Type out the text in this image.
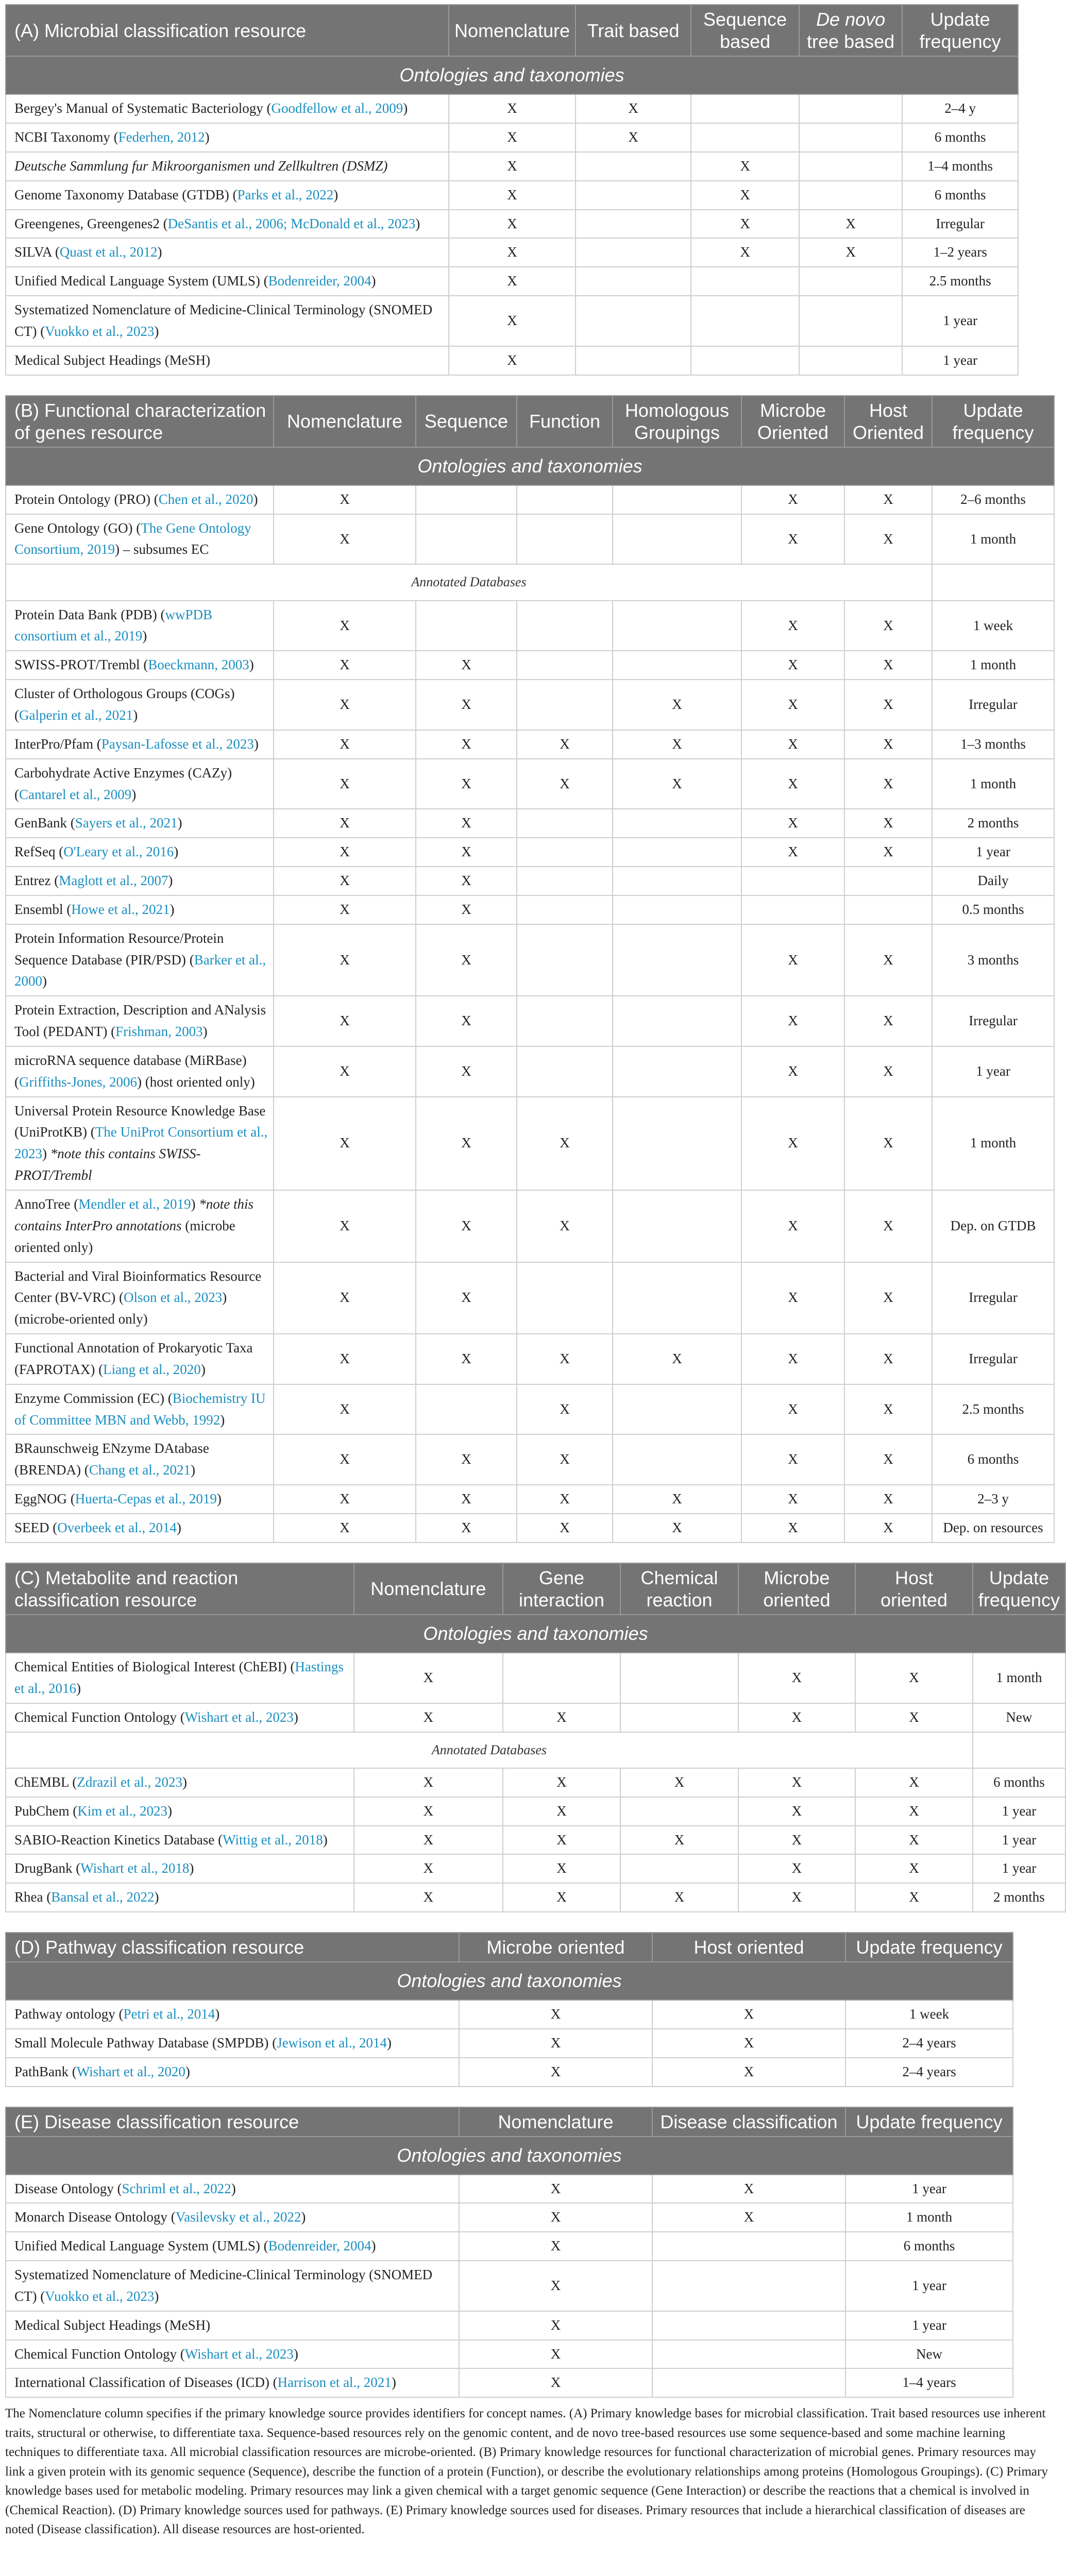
(A) Microbial classification resource	Nomenclature	Trait based	Sequence based	De novo tree based	Update frequency
Ontologies and taxonomies					
Bergey's Manual of Systematic Bacteriology (Goodfellow et al., 2009)	X	X			2–4 y
NCBI Taxonomy (Federhen, 2012)	X	X			6 months
Deutsche Sammlung fur Mikroorganismen und Zellkultren (DSMZ)	X		X		1–4 months
Genome Taxonomy Database (GTDB) (Parks et al., 2022)	X		X		6 months
Greengenes, Greengenes2 (DeSantis et al., 2006; McDonald et al., 2023)	X		X	X	Irregular
SILVA (Quast et al., 2012)	X		X	X	1–2 years
Unified Medical Language System (UMLS) (Bodenreider, 2004)	X				2.5 months
Systematized Nomenclature of Medicine-Clinical Terminology (SNOMED CT) (Vuokko et al., 2023)	X				1 year
Medical Subject Headings (MeSH)	X				1 year
(B) Functional characterization of genes resource	Nomenclature	Sequence	Function	Homologous Groupings	Microbe Oriented	Host Oriented	Update frequency
Ontologies and taxonomies							
Protein Ontology (PRO) (Chen et al., 2020)	X				X	X	2–6 months
Gene Ontology (GO) (The Gene Ontology Consortium, 2019) – subsumes EC	X				X	X	1 month
Annotated Databases							
Protein Data Bank (PDB) (wwPDB consortium et al., 2019)	X				X	X	1 week
SWISS-PROT/Trembl (Boeckmann, 2003)	X	X			X	X	1 month
Cluster of Orthologous Groups (COGs) (Galperin et al., 2021)	X	X		X	X	X	Irregular
InterPro/Pfam (Paysan-Lafosse et al., 2023)	X	X	X	X	X	X	1–3 months
Carbohydrate Active Enzymes (CAZy) (Cantarel et al., 2009)	X	X	X	X	X	X	1 month
GenBank (Sayers et al., 2021)	X	X			X	X	2 months
RefSeq (O'Leary et al., 2016)	X	X			X	X	1 year
Entrez (Maglott et al., 2007)	X	X					Daily
Ensembl (Howe et al., 2021)	X	X					0.5 months
Protein Information Resource/Protein Sequence Database (PIR/PSD) (Barker et al., 2000)	X	X			X	X	3 months
Protein Extraction, Description and ANalysis Tool (PEDANT) (Frishman, 2003)	X	X			X	X	Irregular
microRNA sequence database (MiRBase) (Griffiths-Jones, 2006) (host oriented only)	X	X			X	X	1 year
Universal Protein Resource Knowledge Base (UniProtKB) (The UniProt Consortium et al., 2023) *note this contains SWISS-PROT/Trembl	X	X	X		X	X	1 month
AnnoTree (Mendler et al., 2019) *note this contains InterPro annotations (microbe oriented only)	X	X	X		X	X	Dep. on GTDB
Bacterial and Viral Bioinformatics Resource Center (BV-VRC) (Olson et al., 2023) (microbe-oriented only)	X	X			X	X	Irregular
Functional Annotation of Prokaryotic Taxa (FAPROTAX) (Liang et al., 2020)	X	X	X	X	X	X	Irregular
Enzyme Commission (EC) (Biochemistry IU of Committee MBN and Webb, 1992)	X		X		X	X	2.5 months
BRaunschweig ENzyme DAtabase (BRENDA) (Chang et al., 2021)	X	X	X		X	X	6 months
EggNOG (Huerta-Cepas et al., 2019)	X	X	X	X	X	X	2–3 y
SEED (Overbeek et al., 2014)	X	X	X	X	X	X	Dep. on resources
(C) Metabolite and reaction classification resource	Nomenclature	Gene interaction	Chemical reaction	Microbe oriented	Host oriented	Update frequency
Ontologies and taxonomies						
Chemical Entities of Biological Interest (ChEBI) (Hastings et al., 2016)	X			X	X	1 month
Chemical Function Ontology (Wishart et al., 2023)	X	X		X	X	New
Annotated Databases						
ChEMBL (Zdrazil et al., 2023)	X	X	X	X	X	6 months
PubChem (Kim et al., 2023)	X	X		X	X	1 year
SABIO-Reaction Kinetics Database (Wittig et al., 2018)	X	X	X	X	X	1 year
DrugBank (Wishart et al., 2018)	X	X		X	X	1 year
Rhea (Bansal et al., 2022)	X	X	X	X	X	2 months
(D) Pathway classification resource	Microbe oriented	Host oriented	Update frequency
Ontologies and taxonomies			
Pathway ontology (Petri et al., 2014)	X	X	1 week
Small Molecule Pathway Database (SMPDB) (Jewison et al., 2014)	X	X	2–4 years
PathBank (Wishart et al., 2020)	X	X	2–4 years
(E) Disease classification resource	Nomenclature	Disease classification	Update frequency
Ontologies and taxonomies			
Disease Ontology (Schriml et al., 2022)	X	X	1 year
Monarch Disease Ontology (Vasilevsky et al., 2022)	X	X	1 month
Unified Medical Language System (UMLS) (Bodenreider, 2004)	X		6 months
Systematized Nomenclature of Medicine-Clinical Terminology (SNOMED CT) (Vuokko et al., 2023)	X		1 year
Medical Subject Headings (MeSH)	X		1 year
Chemical Function Ontology (Wishart et al., 2023)	X		New
International Classification of Diseases (ICD) (Harrison et al., 2021)	X		1–4 years
The Nomenclature column specifies if the primary knowledge source provides identifiers for concept names. (A) Primary knowledge bases for microbial classification. Trait based resources use inherent traits, structural or otherwise, to differentiate taxa. Sequence-based resources rely on the genomic content, and de novo tree-based resources use some sequence-based and some machine learning techniques to differentiate taxa. All microbial classification resources are microbe-oriented. (B) Primary knowledge resources for functional characterization of microbial genes. Primary resources may link a given protein with its genomic sequence (Sequence), describe the function of a protein (Function), or describe the evolutionary relationships among proteins (Homologous Groupings). (C) Primary knowledge bases used for metabolic modeling. Primary resources may link a given chemical with a target genomic sequence (Gene Interaction) or describe the reactions that a chemical is involved in (Chemical Reaction). (D) Primary knowledge sources used for pathways. (E) Primary knowledge sources used for diseases. Primary resources that include a hierarchical classification of diseases are noted (Disease classification). All disease resources are host-oriented.
